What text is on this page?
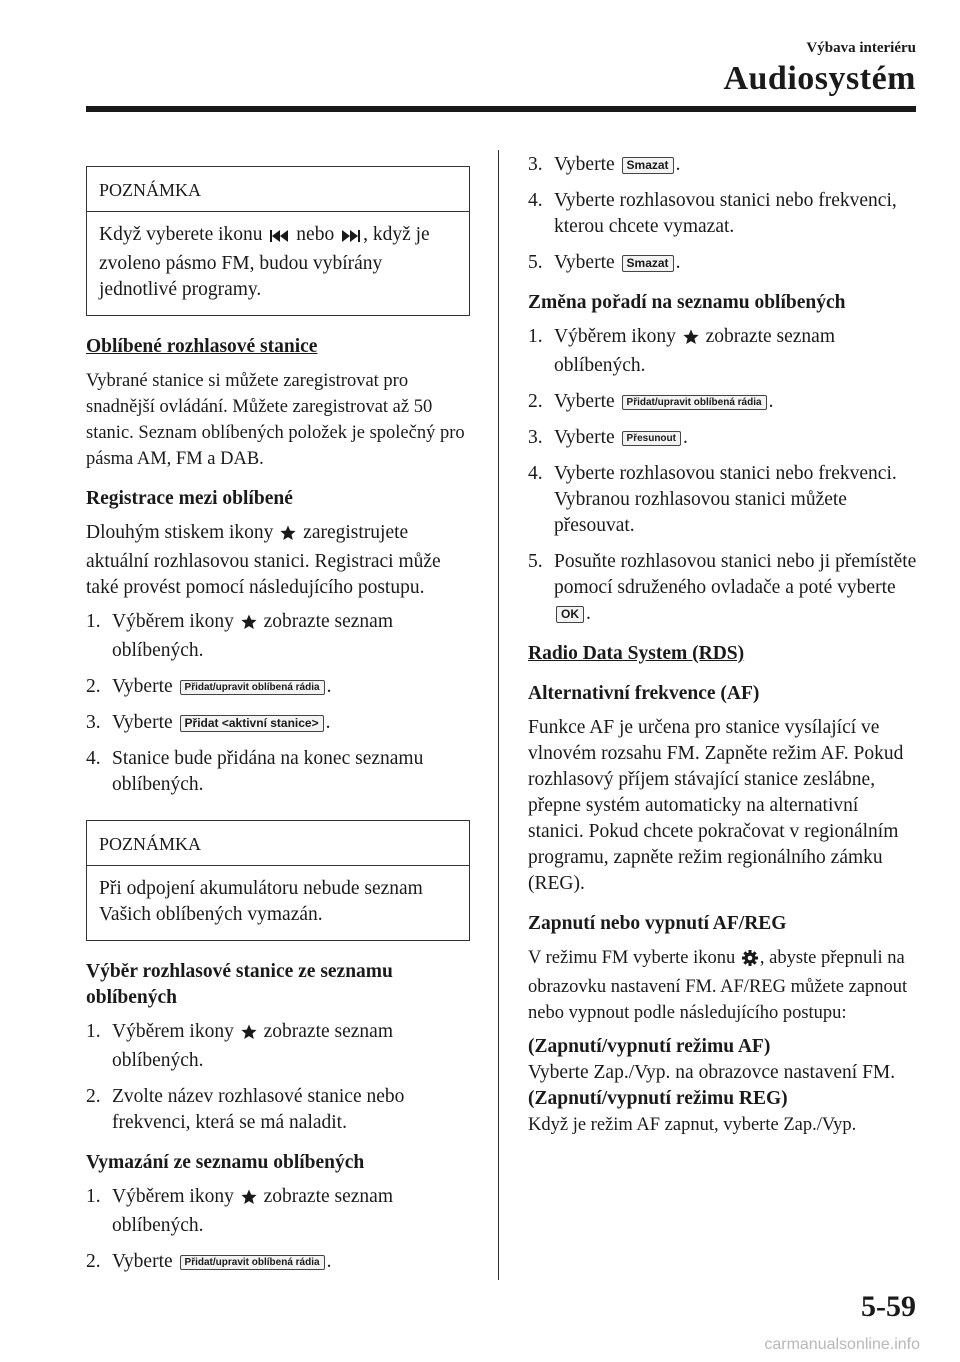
Výbava interiéru
Audiosystém
POZNÁMKA
Když vyberete ikonu nebo , když je zvoleno pásmo FM, budou vybírány jednotlivé programy.
Oblíbené rozhlasové stanice
Vybrané stanice si můžete zaregistrovat pro snadnější ovládání. Můžete zaregistrovat až 50 stanic. Seznam oblíbených položek je společný pro pásma AM, FM a DAB.
Registrace mezi oblíbené
Dlouhým stiskem ikony zaregistrujete aktuální rozhlasovou stanici. Registraci může také provést pomocí následujícího postupu.
1. Výběrem ikony zobrazte seznam oblíbených.
2. Vyberte Přidat/upravit oblíbená rádia .
3. Vyberte Přidat <aktivní stanice> .
4. Stanice bude přidána na konec seznamu oblíbených.
POZNÁMKA
Při odpojení akumulátoru nebude seznam Vašich oblíbených vymazán.
Výběr rozhlasové stanice ze seznamu oblíbených
1. Výběrem ikony zobrazte seznam oblíbených.
2. Zvolte název rozhlasové stanice nebo frekvenci, která se má naladit.
Vymazání ze seznamu oblíbených
1. Výběrem ikony zobrazte seznam oblíbených.
2. Vyberte Přidat/upravit oblíbená rádia .
3. Vyberte Smazat .
4. Vyberte rozhlasovou stanici nebo frekvenci, kterou chcete vymazat.
5. Vyberte Smazat .
Změna pořadí na seznamu oblíbených
1. Výběrem ikony zobrazte seznam oblíbených.
2. Vyberte Přidat/upravit oblíbená rádia .
3. Vyberte Přesunout .
4. Vyberte rozhlasovou stanici nebo frekvenci. Vybranou rozhlasovou stanici můžete přesouvat.
5. Posuňte rozhlasovou stanici nebo ji přemístěte pomocí sdruženého ovladače a poté vyberte OK .
Radio Data System (RDS)
Alternativní frekvence (AF)
Funkce AF je určena pro stanice vysílající ve vlnovém rozsahu FM. Zapněte režim AF. Pokud rozhlasový příjem stávající stanice zeslábne, přepne systém automaticky na alternativní stanici. Pokud chcete pokračovat v regionálním programu, zapněte režim regionálního zámku (REG).
Zapnutí nebo vypnutí AF/REG
V režimu FM vyberte ikonu , abyste přepnuli na obrazovku nastavení FM. AF/REG můžete zapnout nebo vypnout podle následujícího postupu:
(Zapnutí/vypnutí režimu AF)
Vyberte Zap./Vyp. na obrazovce nastavení FM.
(Zapnutí/vypnutí režimu REG)
Když je režim AF zapnut, vyberte Zap./Vyp.
5-59
carmanualsonline.info
